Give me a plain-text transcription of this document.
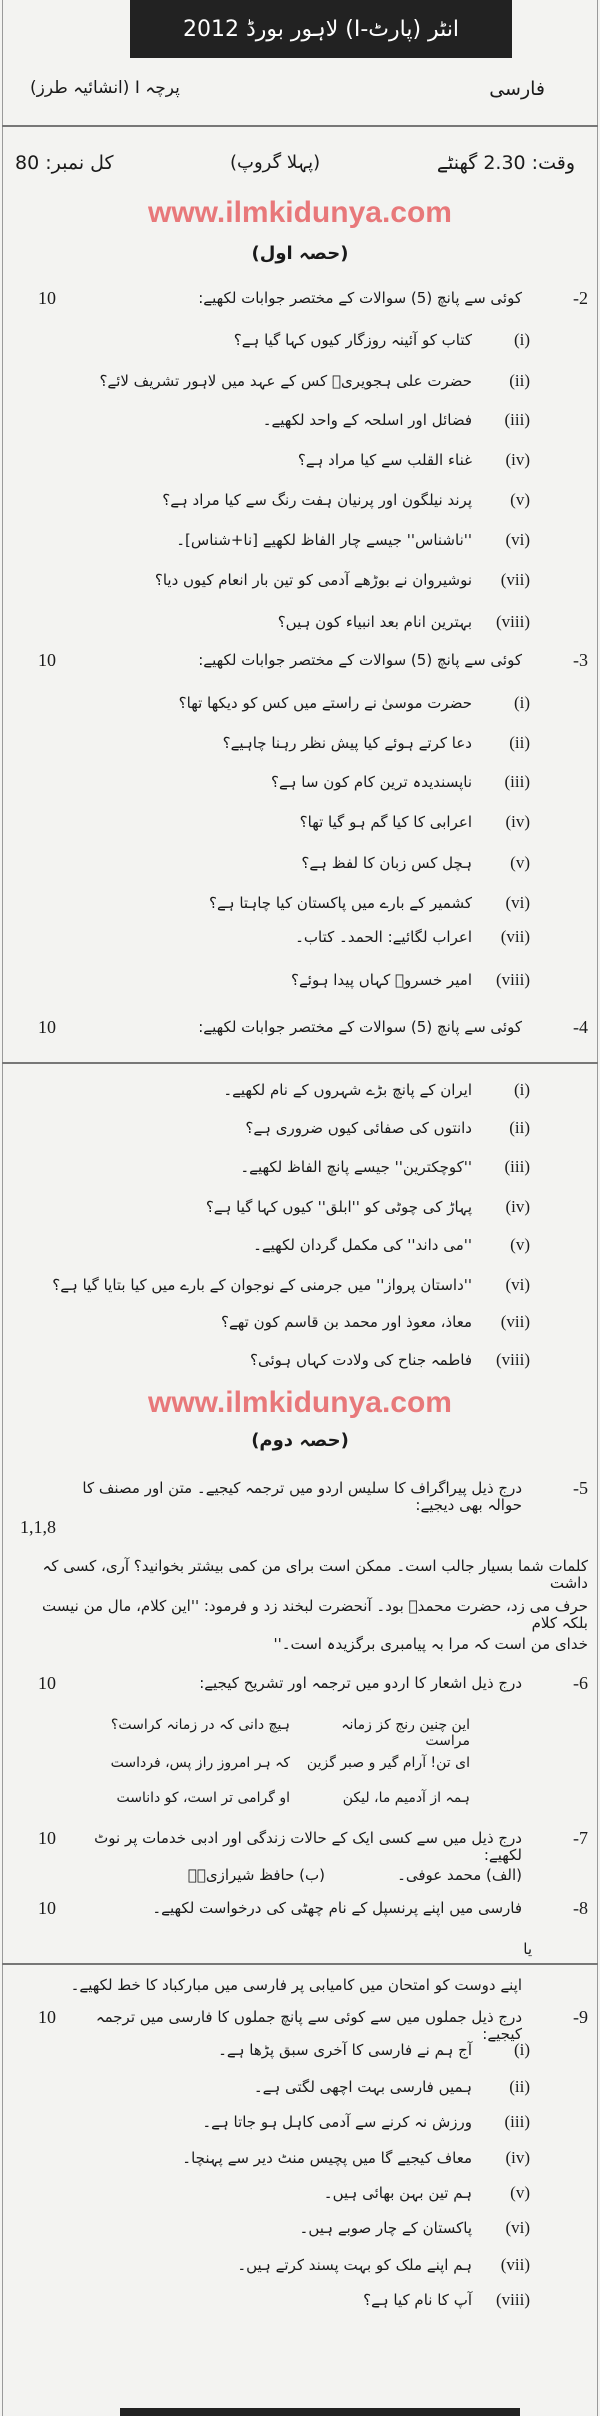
انٹر (پارٹ-I) لاہور بورڈ 2012
فارسی
پرچہ I (انشائیہ طرز)
وقت: 2.30 گھنٹے
(پہلا گروپ)
کل نمبر: 80
www.ilmkidunya.com
(حصہ اول)
www.ilmkidunya.com
(حصہ دوم)
-2
کوئی سے پانچ (5) سوالات کے مختصر جوابات لکھیے:
10
(i)
کتاب کو آئینہ روزگار کیوں کہا گیا ہے؟
(ii)
حضرت علی ہجویریؒ کس کے عہد میں لاہور تشریف لائے؟
(iii)
فضائل اور اسلحہ کے واحد لکھیے۔
(iv)
غناء القلب سے کیا مراد ہے؟
(v)
پرند نیلگون اور پرنیان ہفت رنگ سے کیا مراد ہے؟
(vi)
''ناشناس'' جیسے چار الفاظ لکھیے [نا+شناس]۔
(vii)
نوشیروان نے بوڑھے آدمی کو تین بار انعام کیوں دیا؟
(viii)
بہترین انام بعد انبیاء کون ہیں؟
-3
کوئی سے پانچ (5) سوالات کے مختصر جوابات لکھیے:
10
(i)
حضرت موسیٰ نے راستے میں کس کو دیکھا تھا؟
(ii)
دعا کرتے ہوئے کیا پیش نظر رہنا چاہیے؟
(iii)
ناپسندیدہ ترین کام کون سا ہے؟
(iv)
اعرابی کا کیا گم ہو گیا تھا؟
(v)
ہچل کس زبان کا لفظ ہے؟
(vi)
کشمیر کے بارے میں پاکستان کیا چاہتا ہے؟
(vii)
اعراب لگائیے: الحمد۔ کتاب۔
(viii)
امیر خسروؒ کہاں پیدا ہوئے؟
-4
کوئی سے پانچ (5) سوالات کے مختصر جوابات لکھیے:
10
(i)
ایران کے پانچ بڑے شہروں کے نام لکھیے۔
(ii)
دانتوں کی صفائی کیوں ضروری ہے؟
(iii)
''کوچکترین'' جیسے پانچ الفاظ لکھیے۔
(iv)
پہاڑ کی چوٹی کو ''ابلق'' کیوں کہا گیا ہے؟
(v)
''می داند'' کی مکمل گردان لکھیے۔
(vi)
''داستان پرواز'' میں جرمنی کے نوجوان کے بارے میں کیا بتایا گیا ہے؟
(vii)
معاذ، معوذ اور محمد بن قاسم کون تھے؟
(viii)
فاطمہ جناح کی ولادت کہاں ہوئی؟
-5
درج ذیل پیراگراف کا سلیس اردو میں ترجمہ کیجیے۔ متن اور مصنف کا حوالہ بھی دیجیے:
1,1,8
کلمات شما بسیار جالب است۔ ممکن است برای من کمی بیشتر بخوانید؟ آری، کسی کہ داشت
حرف می زد، حضرت محمدؐ بود۔ آنحضرت لبخند زد و فرمود: ''این کلام، مال من نیست بلکہ کلام
خدای من است کہ مرا بہ پیامبری برگزیدہ است۔''
-6
درج ذیل اشعار کا اردو میں ترجمہ اور تشریح کیجیے:
10
این چنین رنج کز زمانہ مراست
ہیچ دانی کہ در زمانہ کراست؟
ای تن! آرام گیر و صبر گزین
کہ ہر امروز راز پس، فرداست
ہمہ از آدمیم ما، لیکن
او گرامی تر است، کو داناست
-7
درج ذیل میں سے کسی ایک کے حالات زندگی اور ادبی خدمات پر نوٹ لکھیے:
10
(الف) محمد عوفی۔
(ب) حافظ شیرازیؒ۔
-8
فارسی میں اپنے پرنسپل کے نام چھٹی کی درخواست لکھیے۔
10
یا
اپنے دوست کو امتحان میں کامیابی پر فارسی میں مبارکباد کا خط لکھیے۔
-9
درج ذیل جملوں میں سے کوئی سے پانچ جملوں کا فارسی میں ترجمہ کیجیے:
10
(i)
آج ہم نے فارسی کا آخری سبق پڑھا ہے۔
(ii)
ہمیں فارسی بہت اچھی لگتی ہے۔
(iii)
ورزش نہ کرنے سے آدمی کاہل ہو جاتا ہے۔
(iv)
معاف کیجیے گا میں پچیس منٹ دیر سے پہنچا۔
(v)
ہم تین بہن بھائی ہیں۔
(vi)
پاکستان کے چار صوبے ہیں۔
(vii)
ہم اپنے ملک کو بہت پسند کرتے ہیں۔
(viii)
آپ کا نام کیا ہے؟
